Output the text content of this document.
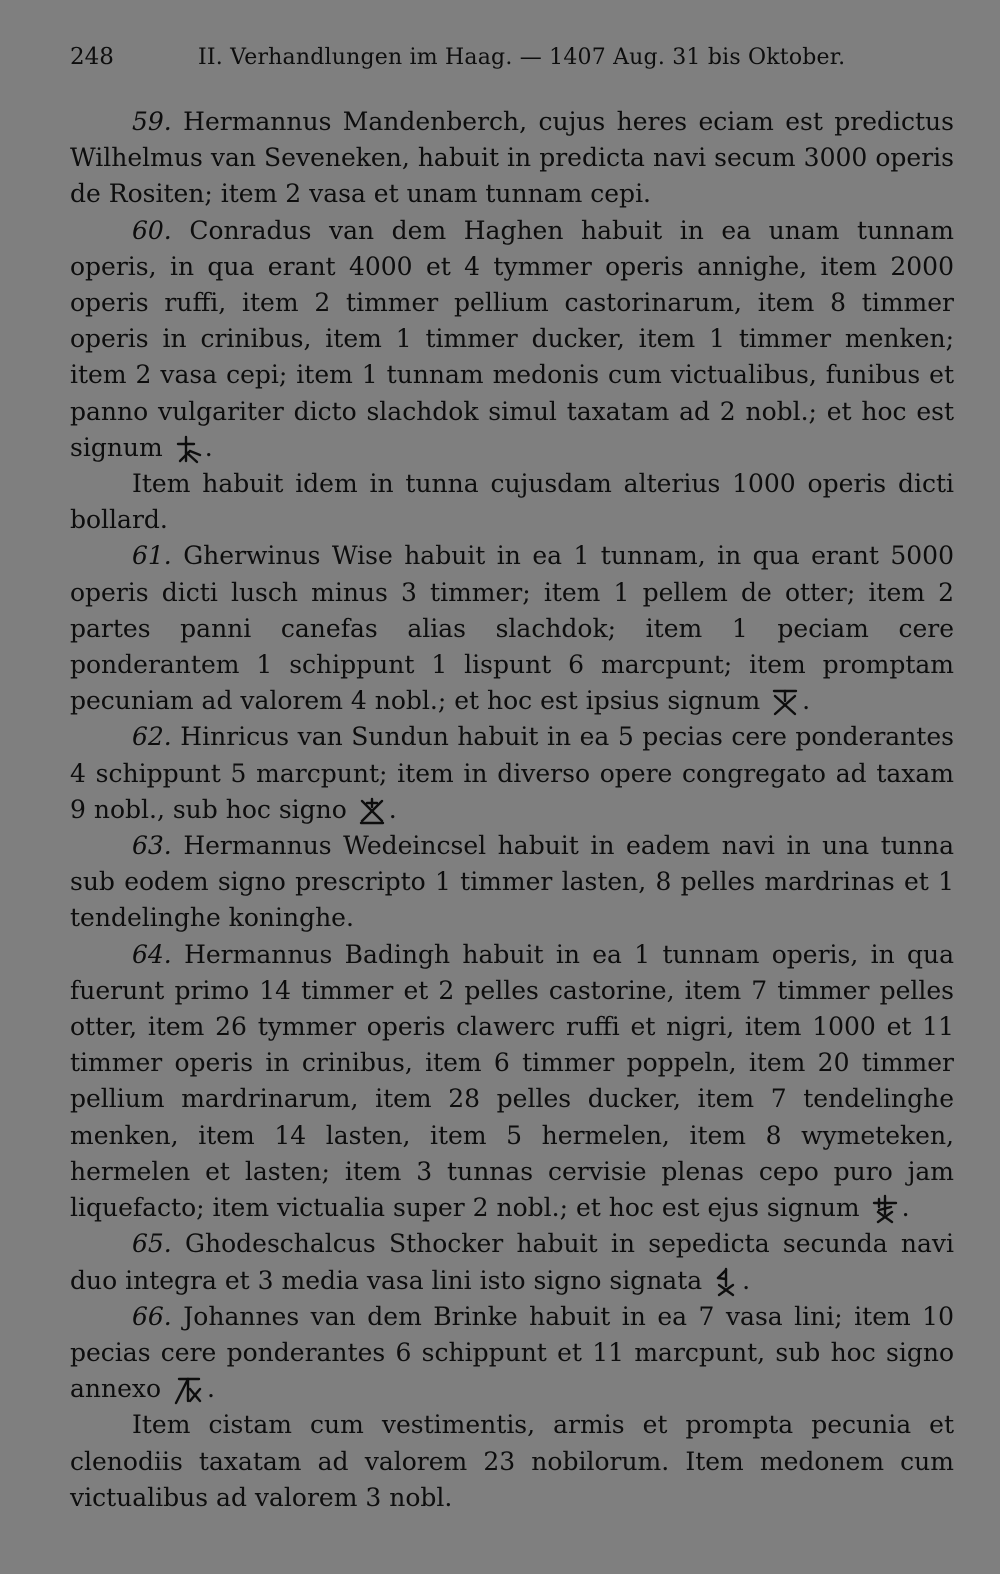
248	II. Verhandlungen im Haag. — 1407 Aug. 31 bis Oktober.

59. Hermannus Mandenberch, cujus heres eciam est predictus Wilhelmus van Seveneken, habuit in predicta navi secum 3000 operis de Rositen; item 2 vasa et unam tunnam cepi.

60. Conradus van dem Haghen habuit in ea unam tunnam operis, in qua erant 4000 et 4 tymmer operis annighe, item 2000 operis ruffi, item 2 timmer pellium castorinarum, item 8 timmer operis in crinibus, item 1 timmer ducker, item 1 timmer menken; item 2 vasa cepi; item 1 tunnam medonis cum victualibus, funibus et panno vulgariter dicto slachdok simul taxatam ad 2 nobl.; et hoc est signum .

Item habuit idem in tunna cujusdam alterius 1000 operis dicti bollard.

61. Gherwinus Wise habuit in ea 1 tunnam, in qua erant 5000 operis dicti lusch minus 3 timmer; item 1 pellem de otter; item 2 partes panni canefas alias slachdok; item 1 peciam cere ponderantem 1 schippunt 1 lispunt 6 marcpunt; item promptam pecuniam ad valorem 4 nobl.; et hoc est ipsius signum .

62. Hinricus van Sundun habuit in ea 5 pecias cere ponderantes 4 schippunt 5 marcpunt; item in diverso opere congregato ad taxam 9 nobl., sub hoc signo .

63. Hermannus Wedeincsel habuit in eadem navi in una tunna sub eodem signo prescripto 1 timmer lasten, 8 pelles mardrinas et 1 tendelinghe koninghe.

64. Hermannus Badingh habuit in ea 1 tunnam operis, in qua fuerunt primo 14 timmer et 2 pelles castorine, item 7 timmer pelles otter, item 26 tymmer operis clawerc ruffi et nigri, item 1000 et 11 timmer operis in crinibus, item 6 timmer poppeln, item 20 timmer pellium mardrinarum, item 28 pelles ducker, item 7 tendelinghe menken, item 14 lasten, item 5 hermelen, item 8 wymeteken, hermelen et lasten; item 3 tunnas cervisie plenas cepo puro jam liquefacto; item victualia super 2 nobl.; et hoc est ejus signum .

65. Ghodeschalcus Sthocker habuit in sepedicta secunda navi duo integra et 3 media vasa lini isto signo signata .

66. Johannes van dem Brinke habuit in ea 7 vasa lini; item 10 pecias cere ponderantes 6 schippunt et 11 marcpunt, sub hoc signo annexo .

Item cistam cum vestimentis, armis et prompta pecunia et clenodiis taxatam ad valorem 23 nobilorum. Item medonem cum victualibus ad valorem 3 nobl.
